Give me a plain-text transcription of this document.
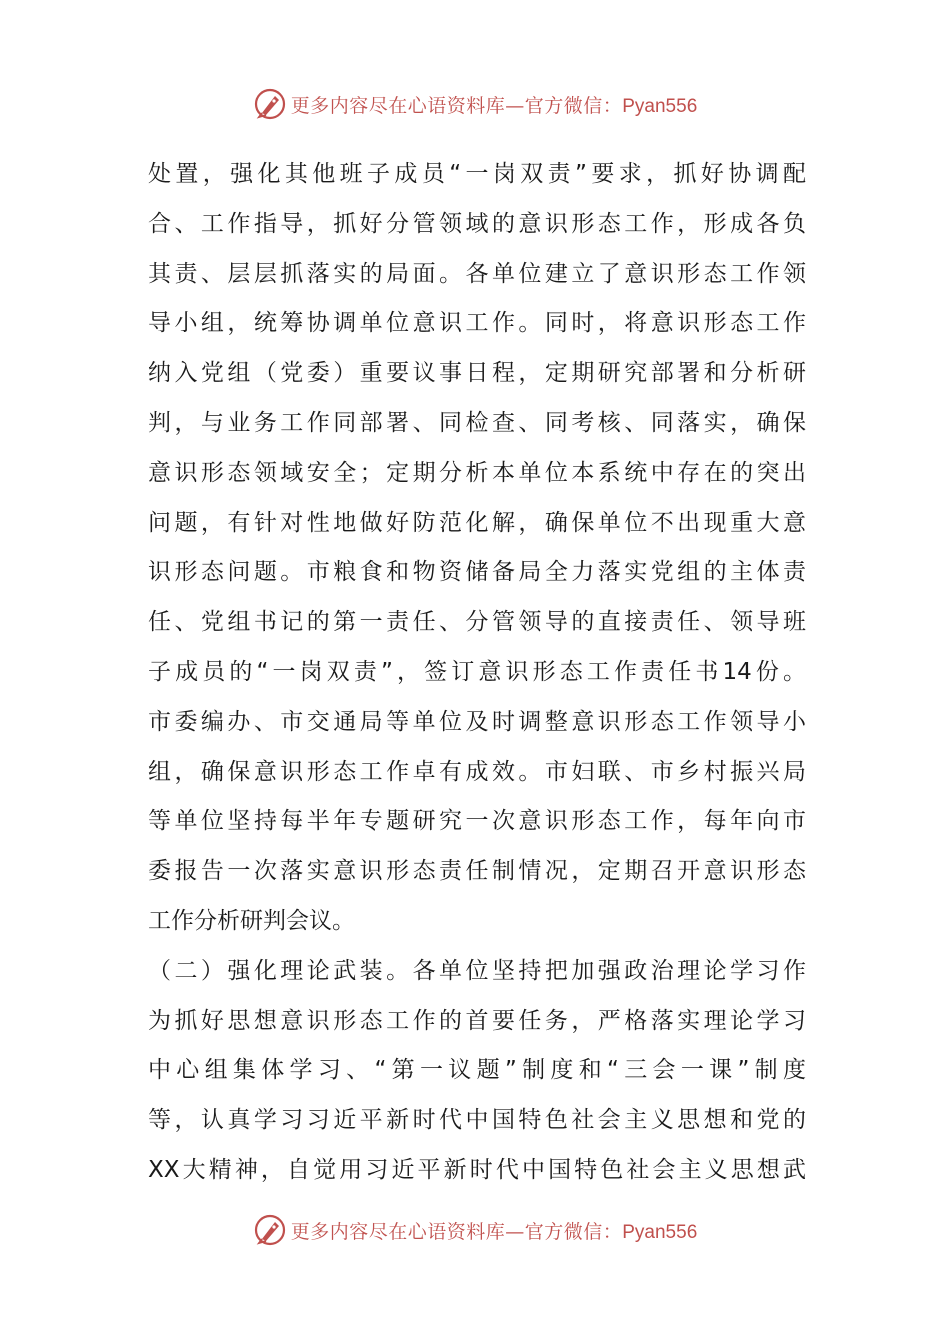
更多内容尽在心语资料库—官方微信：Pyan556
处置，强化其他班子成员“一岗双责”要求，抓好协调配
合、工作指导，抓好分管领域的意识形态工作，形成各负
其责、层层抓落实的局面。各单位建立了意识形态工作领
导小组，统筹协调单位意识工作。同时，将意识形态工作
纳入党组（党委）重要议事日程，定期研究部署和分析研
判，与业务工作同部署、同检查、同考核、同落实，确保
意识形态领域安全；定期分析本单位本系统中存在的突出
问题，有针对性地做好防范化解，确保单位不出现重大意
识形态问题。市粮食和物资储备局全力落实党组的主体责
任、党组书记的第一责任、分管领导的直接责任、领导班
子成员的“一岗双责”，签订意识形态工作责任书14份。
市委编办、市交通局等单位及时调整意识形态工作领导小
组，确保意识形态工作卓有成效。市妇联、市乡村振兴局
等单位坚持每半年专题研究一次意识形态工作，每年向市
委报告一次落实意识形态责任制情况，定期召开意识形态
工作分析研判会议。
（二）强化理论武装。各单位坚持把加强政治理论学习作
为抓好思想意识形态工作的首要任务，严格落实理论学习
中心组集体学习、“第一议题”制度和“三会一课”制度
等，认真学习习近平新时代中国特色社会主义思想和党的
XX大精神，自觉用习近平新时代中国特色社会主义思想武
更多内容尽在心语资料库—官方微信：Pyan556
